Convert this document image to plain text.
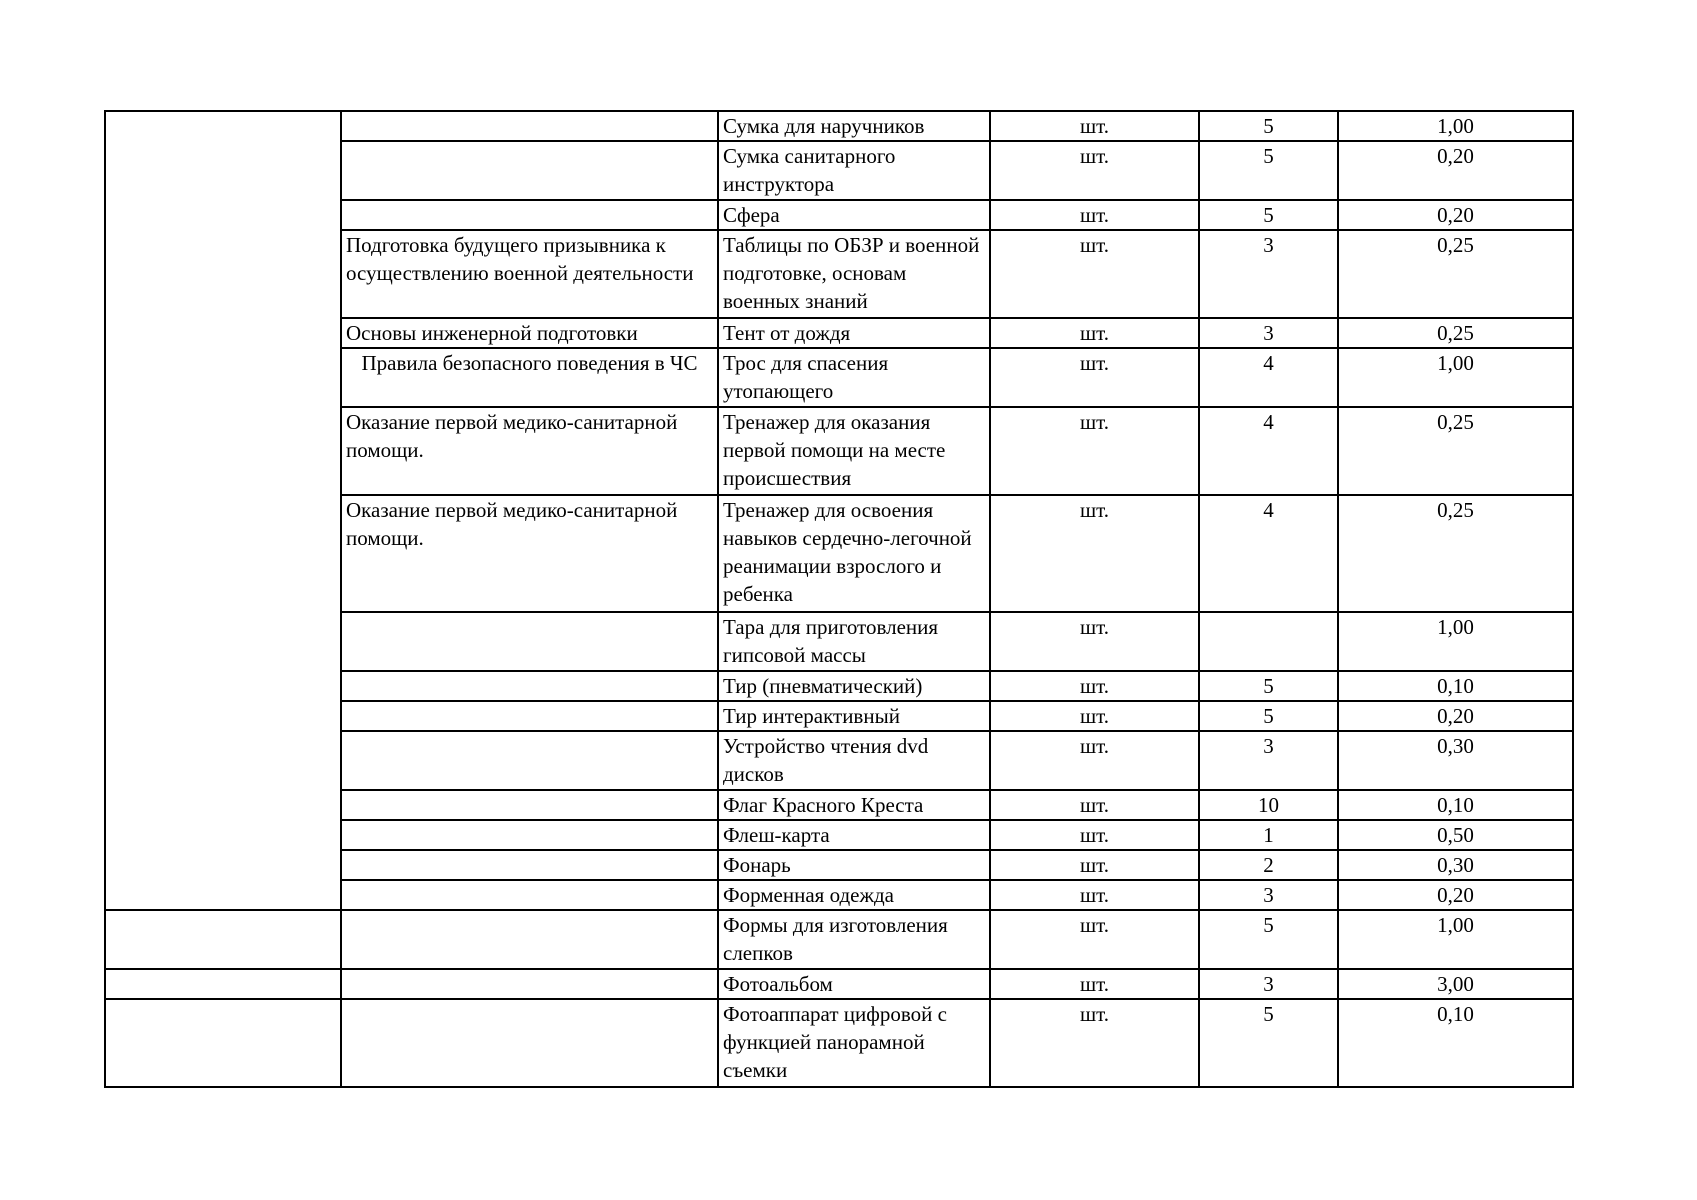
		Сумка для наручников	шт.	5	1,00
		Сумка санитарного инструктора	шт.	5	0,20
		Сфера	шт.	5	0,20
	Подготовка будущего призывника к осуществлению военной деятельности	Таблицы по ОБЗР и военной подготовке, основам военных знаний	шт.	3	0,25
	Основы инженерной подготовки	Тент от дождя	шт.	3	0,25
	Правила безопасного поведения в ЧС	Трос для спасения утопающего	шт.	4	1,00
	Оказание первой медико-санитарной помощи.	Тренажер для оказания первой помощи на месте происшествия	шт.	4	0,25
	Оказание первой медико-санитарной помощи.	Тренажер для освоения навыков сердечно-легочной реанимации взрослого и ребенка	шт.	4	0,25
		Тара для приготовления гипсовой массы	шт.		1,00
		Тир (пневматический)	шт.	5	0,10
		Тир интерактивный	шт.	5	0,20
		Устройство чтения dvd дисков	шт.	3	0,30
		Флаг Красного Креста	шт.	10	0,10
		Флеш-карта	шт.	1	0,50
		Фонарь	шт.	2	0,30
		Форменная одежда	шт.	3	0,20
		Формы для изготовления слепков	шт.	5	1,00
		Фотоальбом	шт.	3	3,00
		Фотоаппарат цифровой с функцией панорамной съемки	шт.	5	0,10
